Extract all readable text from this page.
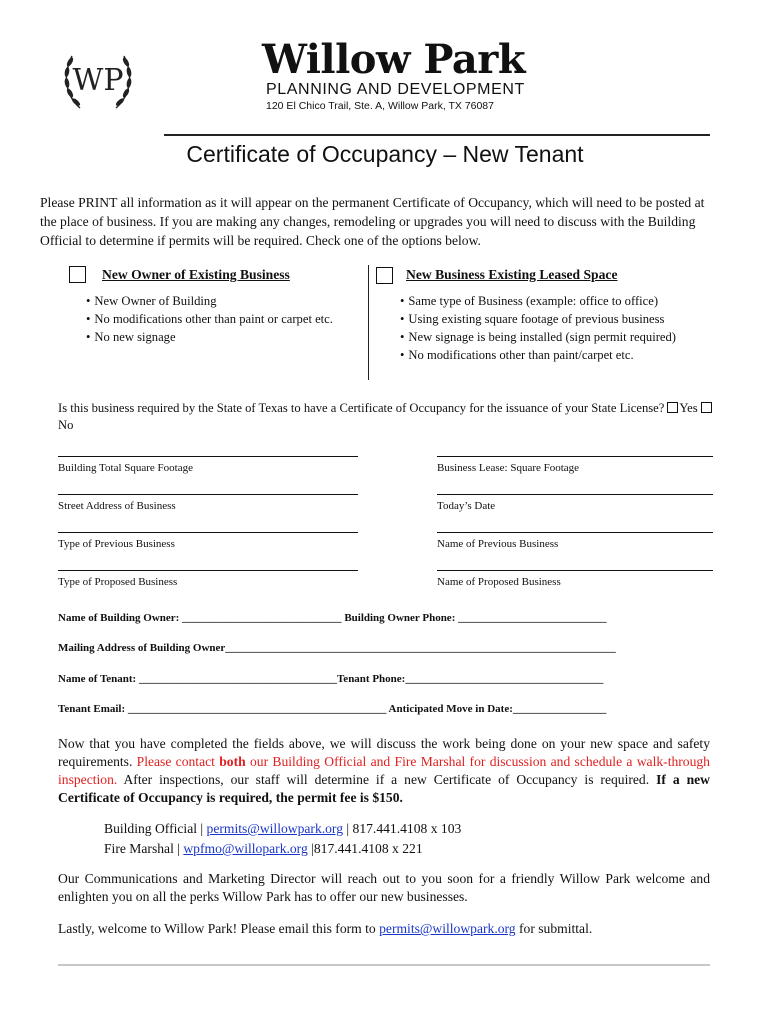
WP	Willow Park
PLANNING AND DEVELOPMENT
120 El Chico Trail, Ste. A, Willow Park, TX 76087
Certificate of Occupancy – New Tenant

Please PRINT all information as it will appear on the permanent Certificate of Occupancy, which will need to be posted at the place of business. If you are making any changes, remodeling or upgrades you will need to discuss with the Building Official to determine if permits will be required. Check one of the options below.

New Owner of Existing Business
• New Owner of Building
• No modifications other than paint or carpet etc.
• No new signage
New Business Existing Leased Space
• Same type of Business (example: office to office)
• Using existing square footage of previous business
• New signage is being installed (sign permit required)
• No modifications other than paint/carpet etc.

Is this business required by the State of Texas to have a Certificate of Occupancy for the issuance of your State License? YesNo

Building Total Square Footage
Street Address of Business
Type of Previous Business
Type of Proposed Business
Business Lease: Square Footage
Today’s Date
Name of Previous Business
Name of Proposed Business
Name of Building Owner: _____________________________ Building Owner Phone: ___________________________
Mailing Address of Building Owner_______________________________________________________________________
Name of Tenant: ____________________________________Tenant Phone:____________________________________
Tenant Email: _______________________________________________ Anticipated Move in Date:_________________

Now that you have completed the fields above, we will discuss the work being done on your new space and safety requirements. Please contact both our Building Official and Fire Marshal for discussion and schedule a walk-through inspection. After inspections, our staff will determine if a new Certificate of Occupancy is required. If a new Certificate of Occupancy is required, the permit fee is $150.

Building Official | permits@willowpark.org | 817.441.4108 x 103
Fire Marshal | wpfmo@willopark.org |817.441.4108 x 221

Our Communications and Marketing Director will reach out to you soon for a friendly Willow Park welcome and enlighten you on all the perks Willow Park has to offer our new businesses.

Lastly, welcome to Willow Park! Please email this form to permits@willowpark.org for submittal.
